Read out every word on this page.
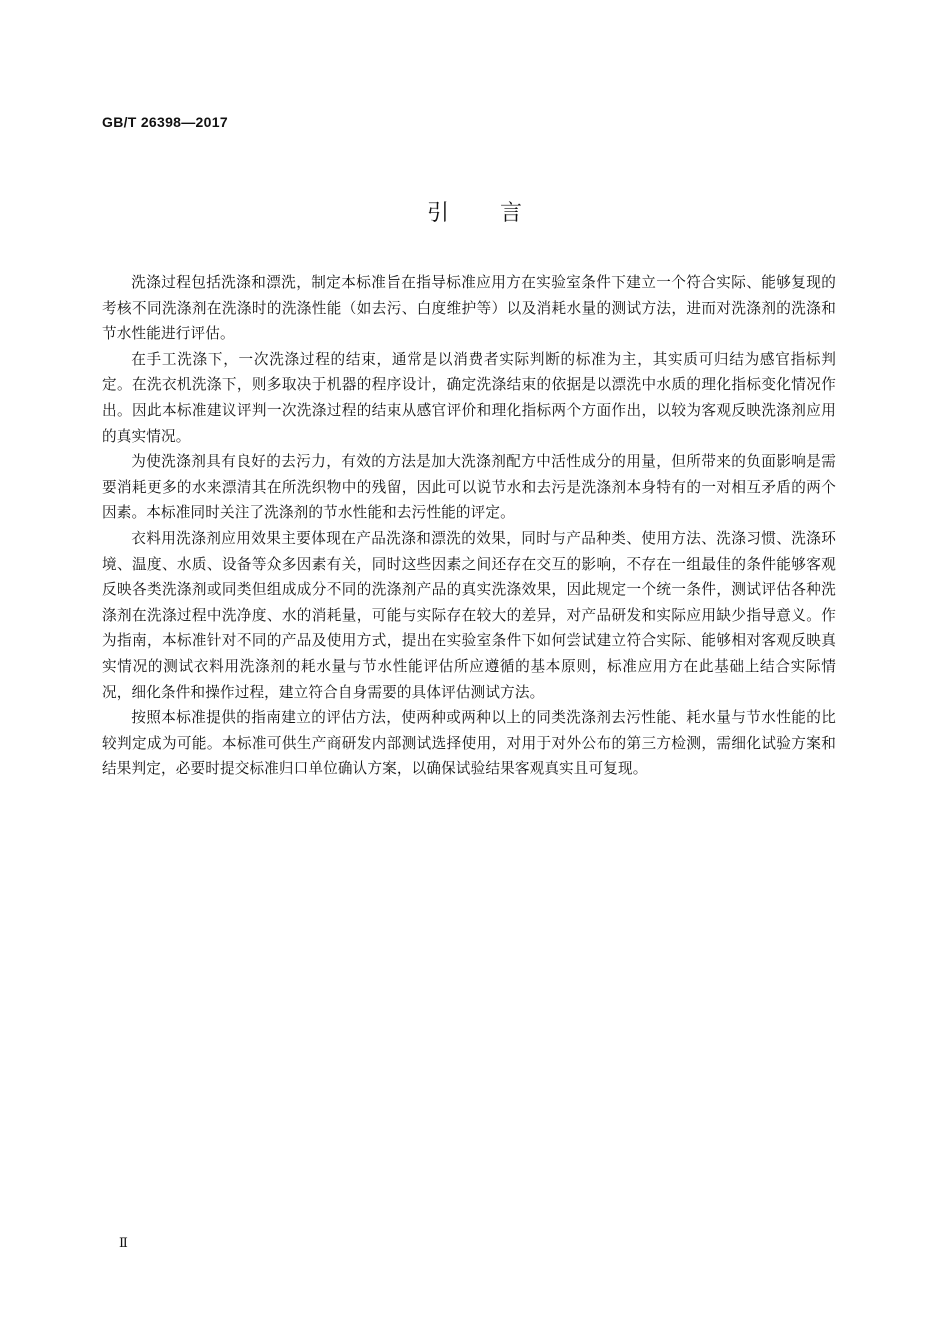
GB/T 26398—2017
引 言

洗涤过程包括洗涤和漂洗，制定本标准旨在指导标准应用方在实验室条件下建立一个符合实际、能够复现的考核不同洗涤剂在洗涤时的洗涤性能（如去污、白度维护等）以及消耗水量的测试方法，进而对洗涤剂的洗涤和节水性能进行评估。

在手工洗涤下，一次洗涤过程的结束，通常是以消费者实际判断的标准为主，其实质可归结为感官指标判定。在洗衣机洗涤下，则多取决于机器的程序设计，确定洗涤结束的依据是以漂洗中水质的理化指标变化情况作出。因此本标准建议评判一次洗涤过程的结束从感官评价和理化指标两个方面作出，以较为客观反映洗涤剂应用的真实情况。

为使洗涤剂具有良好的去污力，有效的方法是加大洗涤剂配方中活性成分的用量，但所带来的负面影响是需要消耗更多的水来漂清其在所洗织物中的残留，因此可以说节水和去污是洗涤剂本身特有的一对相互矛盾的两个因素。本标准同时关注了洗涤剂的节水性能和去污性能的评定。

衣料用洗涤剂应用效果主要体现在产品洗涤和漂洗的效果，同时与产品种类、使用方法、洗涤习惯、洗涤环境、温度、水质、设备等众多因素有关，同时这些因素之间还存在交互的影响，不存在一组最佳的条件能够客观反映各类洗涤剂或同类但组成成分不同的洗涤剂产品的真实洗涤效果，因此规定一个统一条件，测试评估各种洗涤剂在洗涤过程中洗净度、水的消耗量，可能与实际存在较大的差异，对产品研发和实际应用缺少指导意义。作为指南，本标准针对不同的产品及使用方式，提出在实验室条件下如何尝试建立符合实际、能够相对客观反映真实情况的测试衣料用洗涤剂的耗水量与节水性能评估所应遵循的基本原则，标准应用方在此基础上结合实际情况，细化条件和操作过程，建立符合自身需要的具体评估测试方法。

按照本标准提供的指南建立的评估方法，使两种或两种以上的同类洗涤剂去污性能、耗水量与节水性能的比较判定成为可能。本标准可供生产商研发内部测试选择使用，对用于对外公布的第三方检测，需细化试验方案和结果判定，必要时提交标准归口单位确认方案，以确保试验结果客观真实且可复现。

Ⅱ
